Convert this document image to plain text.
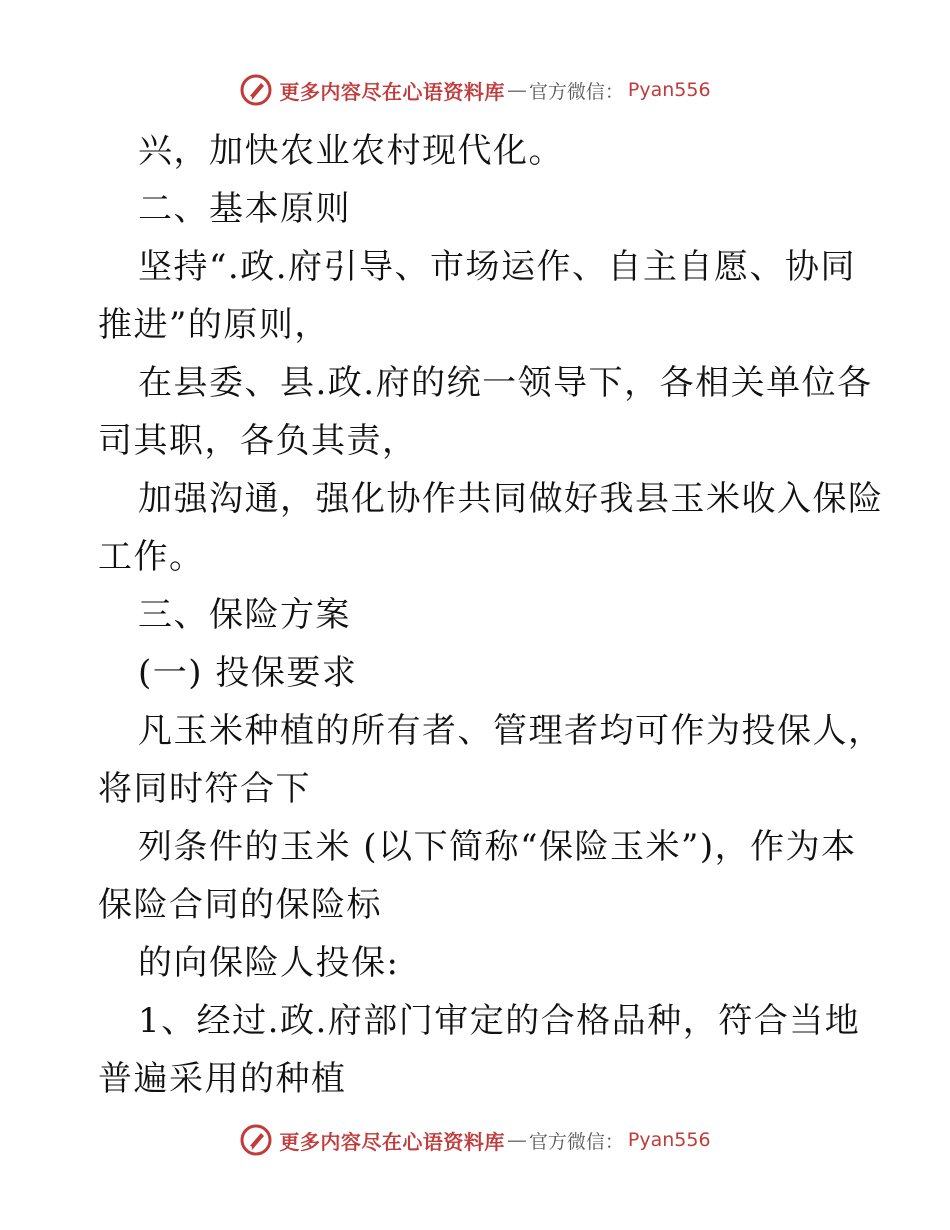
更多内容尽在心语资料库 — 官方微信： Pyan556
兴，加快农业农村现代化。
二、基本原则
坚持“.政.府引导、市场运作、自主自愿、协同
推进”的原则，
在县委、县.政.府的统一领导下，各相关单位各
司其职，各负其责，
加强沟通，强化协作共同做好我县玉米收入保险
工作。
三、保险方案
(一) 投保要求
凡玉米种植的所有者、管理者均可作为投保人，
将同时符合下
列条件的玉米 (以下简称“保险玉米”)，作为本
保险合同的保险标
的向保险人投保:
1、经过.政.府部门审定的合格品种，符合当地
普遍采用的种植
更多内容尽在心语资料库 — 官方微信： Pyan556
